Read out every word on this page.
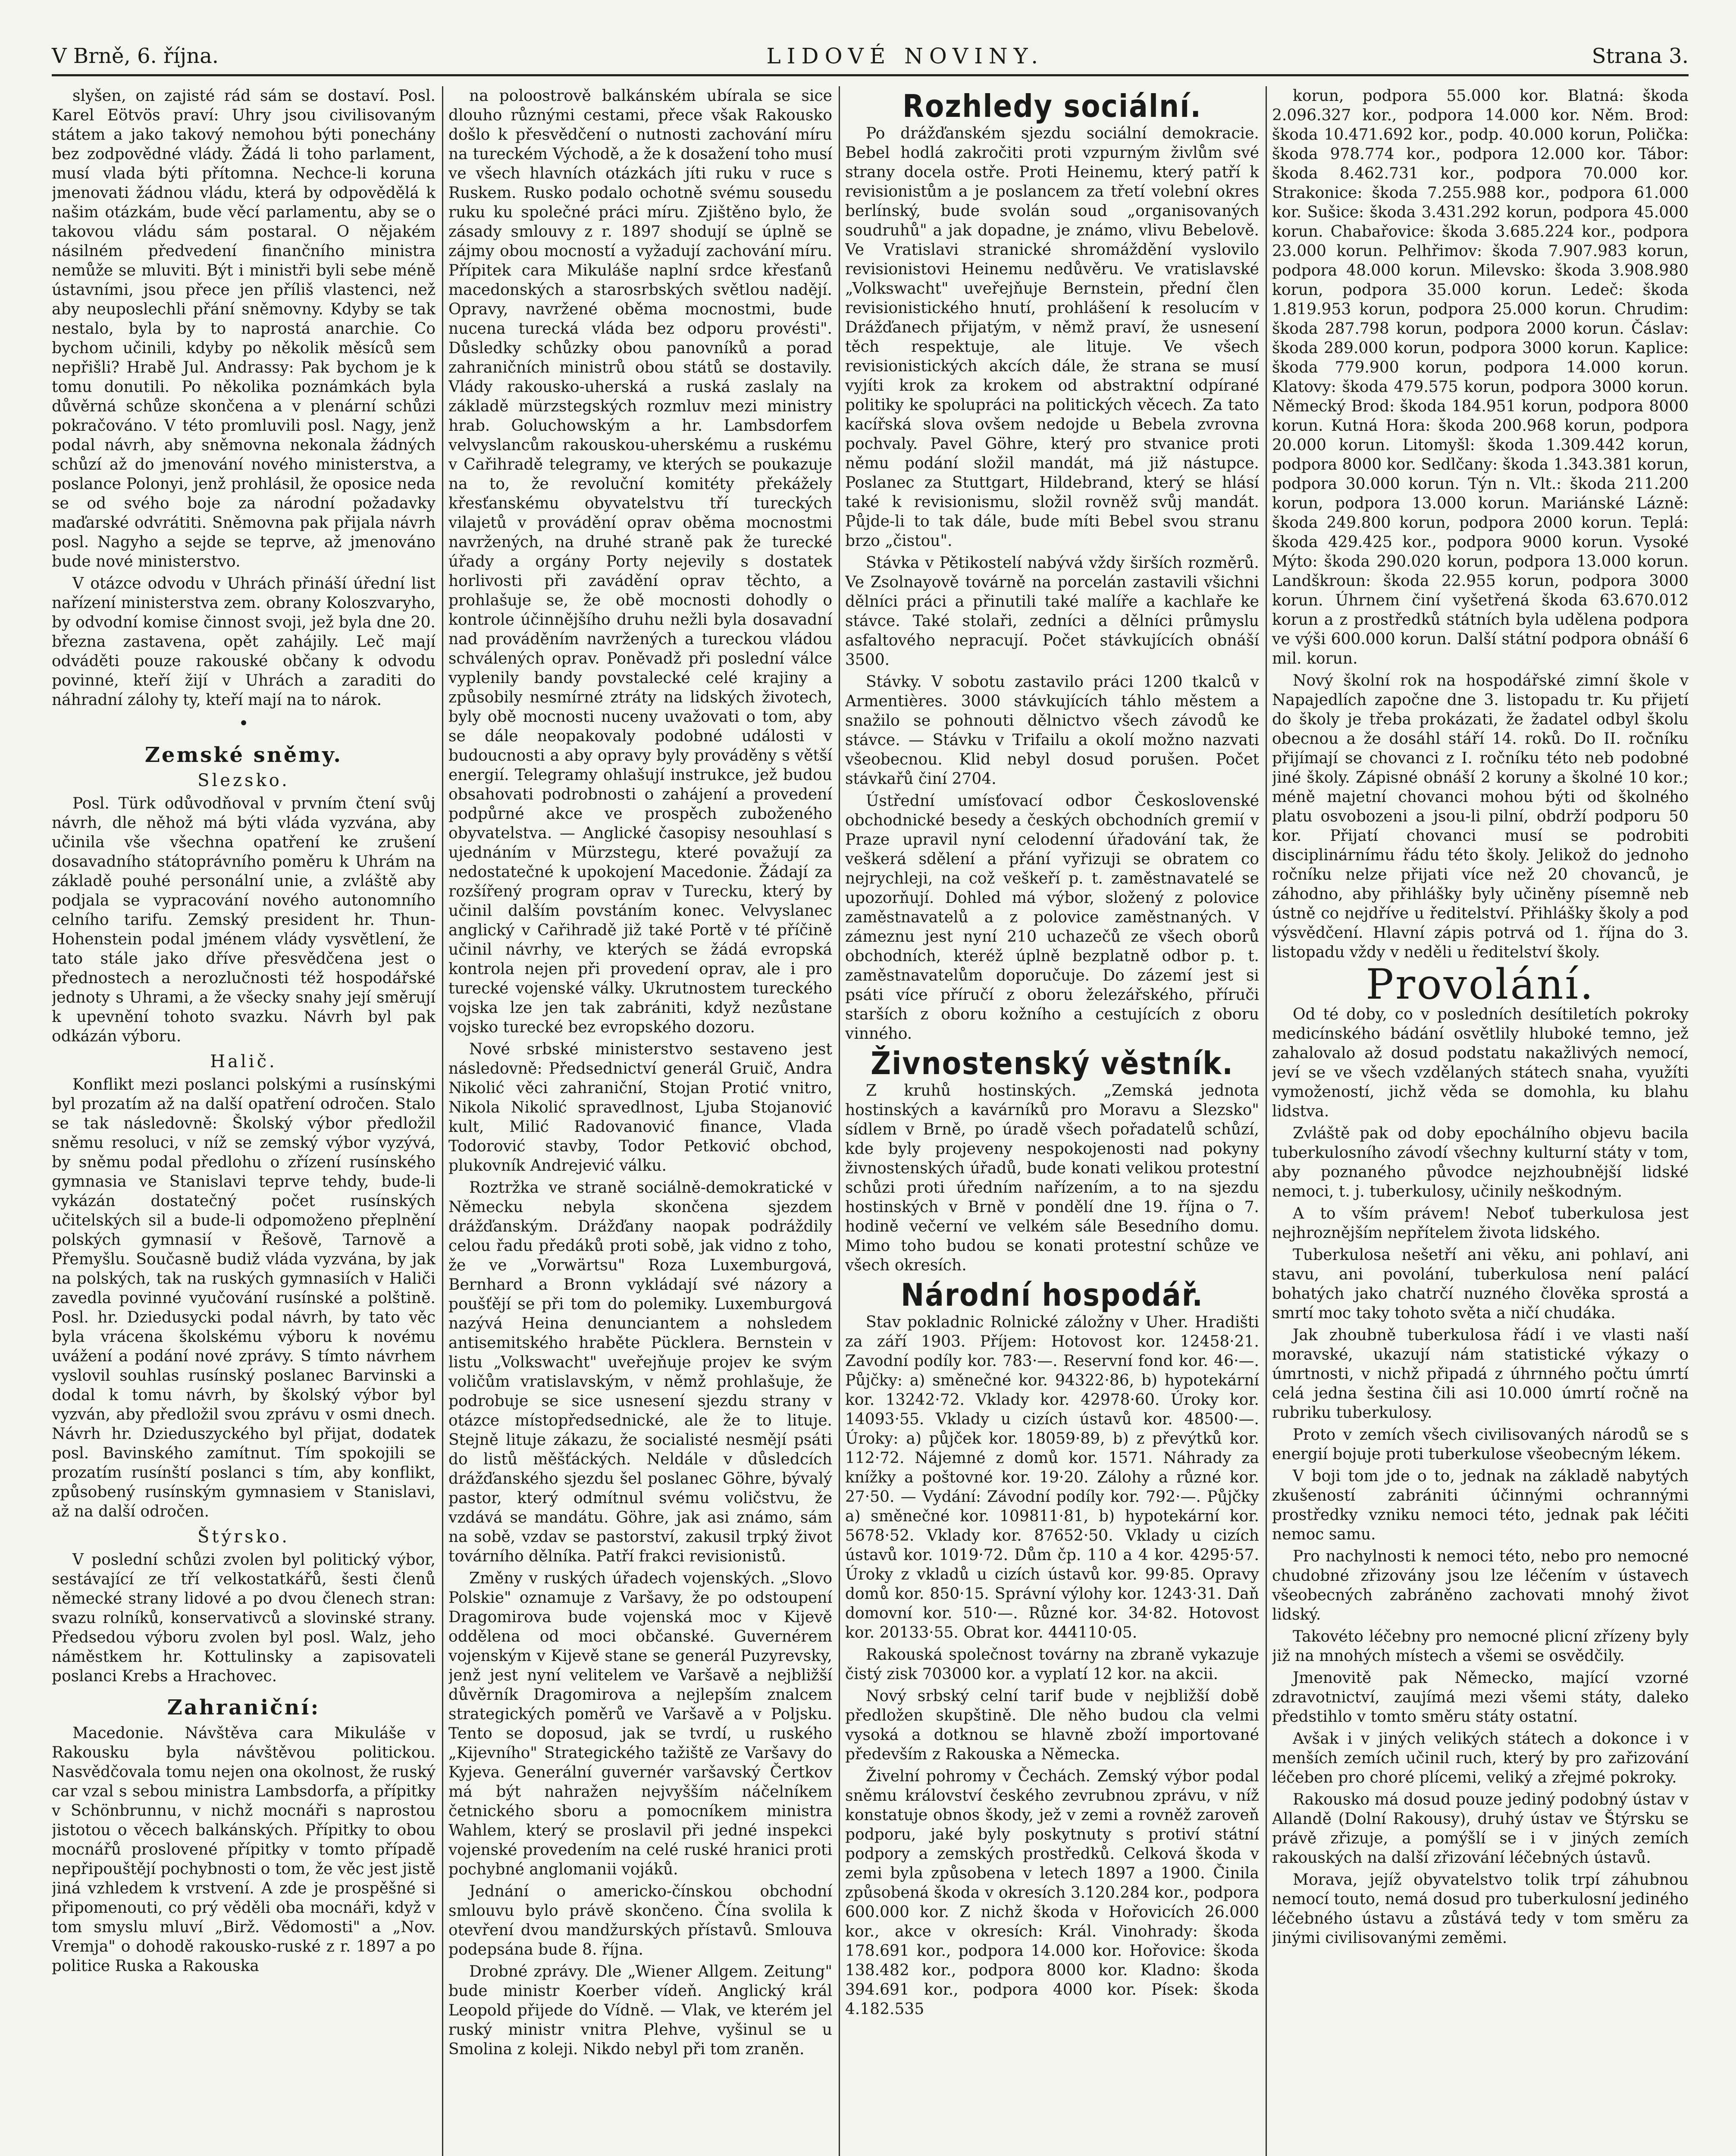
V Brně, 6. října.	LIDOVÉ NOVINY.	Strana 3.

slyšen, on zajisté rád sám se dostaví. Posl. Karel Eötvös praví: Uhry jsou civilisovaným státem a jako takový nemohou býti ponechány bez zodpovědné vlády. Žádá li toho parlament, musí vlada býti přítomna. Nechce-li koruna jmenovati žádnou vládu, která by odpovědělá k našim otázkám, bude věcí parlamentu, aby se o takovou vládu sám postaral. O nějakém násilném předvedení finančního ministra nemůže se mluviti. Být i ministři byli sebe méně ústavními, jsou přece jen příliš vlastenci, než aby neuposlechli přání sněmovny. Kdyby se tak nestalo, byla by to naprostá anarchie. Co bychom učinili, kdyby po několik měsíců sem nepřišli? Hrabě Jul. Andrassy: Pak bychom je k tomu donutili. Po několika poznámkách byla důvěrná schůze skončena a v plenární schůzi pokračováno. V této promluvili posl. Nagy, jenž podal návrh, aby sněmovna nekonala žádných schůzí až do jmenování nového ministerstva, a poslance Polonyi, jenž prohlásil, že oposice neda se od svého boje za národní požadavky maďarské odvrátiti. Sněmovna pak přijala návrh posl. Nagyho a sejde se teprve, až jmenováno bude nové ministerstvo.

V otázce odvodu v Uhrách přináší úřední list nařízení ministerstva zem. obrany Koloszvaryho, by odvodní komise činnost svoji, jež byla dne 20. března zastavena, opět zahájily. Leč mají odváděti pouze rakouské občany k odvodu povinné, kteří žijí v Uhrách a zaraditi do náhradní zálohy ty, kteří mají na to nárok.

•
Zemské sněmy.
Slezsko.

Posl. Türk odůvodňoval v prvním čtení svůj návrh, dle něhož má býti vláda vyzvána, aby učinila vše všechna opatření ke zrušení dosavadního státoprávního poměru k Uhrám na základě pouhé personální unie, a zvláště aby podjala se vypracování nového autonomního celního tarifu. Zemský president hr. Thun-Hohenstein podal jménem vlády vysvětlení, že tato stále jako dříve přesvědčena jest o přednostech a nerozlučnosti též hospodářské jednoty s Uhrami, a že všecky snahy její směrují k upevnění tohoto svazku. Návrh byl pak odkázán výboru.

Halič.

Konflikt mezi poslanci polskými a rusínskými byl prozatím až na další opatření odročen. Stalo se tak následovně: Školský výbor předložil sněmu resoluci, v níž se zemský výbor vyzývá, by sněmu podal předlohu o zřízení rusínského gymnasia ve Stanislavi teprve tehdy, bude-li vykázán dostatečný počet rusínských učitelských sil a bude-li odpomoženo přeplnění polských gymnasií v Řešově, Tarnově a Přemyšlu. Současně budiž vláda vyzvána, by jak na polských, tak na ruských gymnasiích v Haliči zavedla povinné vyučování rusínské a polštině. Posl. hr. Dziedusycki podal návrh, by tato věc byla vrácena školskému výboru k novému uvážení a podání nové zprávy. S tímto návrhem vyslovil souhlas rusínský poslanec Barvinski a dodal k tomu návrh, by školský výbor byl vyzván, aby předložil svou zprávu v osmi dnech. Návrh hr. Dzieduszyckého byl přijat, dodatek posl. Bavinského zamítnut. Tím spokojili se prozatím rusínští poslanci s tím, aby konflikt, způsobený rusínským gymnasiem v Stanislavi, až na další odročen.

Štýrsko.

V poslední schůzi zvolen byl politický výbor, sestávající ze tří velkostatkářů, šesti členů německé strany lidové a po dvou členech stran: svazu rolníků, konservativců a slovinské strany. Předsedou výboru zvolen byl posl. Walz, jeho náměstkem hr. Kottulinsky a zapisovateli poslanci Krebs a Hrachovec.

Zahraniční:

Macedonie. Návštěva cara Mikuláše v Rakousku byla návštěvou politickou. Nasvědčovala tomu nejen ona okolnost, že ruský car vzal s sebou ministra Lambsdorfa, a přípitky v Schönbrunnu, v nichž mocnáři s naprostou jistotou o věcech balkánských. Přípitky to obou mocnářů proslovené přípitky v tomto případě nepřipouštějí pochybnosti o tom, že věc jest jistě jiná vzhledem k vrstvení. A zde je prospěšné si připomenouti, co prý věděli oba mocnáři, když v tom smyslu mluví „Birž. Vědomosti" a „Nov. Vremja" o dohodě rakousko-ruské z r. 1897 a po politice Ruska a Rakouska

na poloostrově balkánském ubírala se sice dlouho různými cestami, přece však Rakousko došlo k přesvědčení o nutnosti zachování míru na tureckém Východě, a že k dosažení toho musí ve všech hlavních otázkách jíti ruku v ruce s Ruskem. Rusko podalo ochotně svému sousedu ruku ku společné práci míru. Zjištěno bylo, že zásady smlouvy z r. 1897 shodují se úplně se zájmy obou mocností a vyžadují zachování míru. Přípitek cara Mikuláše naplní srdce křesťanů macedonských a starosrbských světlou nadějí. Opravy, navržené oběma mocnostmi, bude nucena turecká vláda bez odporu provésti". Důsledky schůzky obou panovníků a porad zahraničních ministrů obou států se dostavily. Vlády rakousko-uherská a ruská zaslaly na základě mürzstegských rozmluv mezi ministry hrab. Goluchowským a hr. Lambsdorfem velvyslancům rakouskou-uherskému a ruskému v Cařihradě telegramy, ve kterých se poukazuje na to, že revoluční komitéty překážely křesťanskému obyvatelstvu tří tureckých vilajetů v provádění oprav oběma mocnostmi navržených, na druhé straně pak že turecké úřady a orgány Porty nejevily s dostatek horlivosti při zavádění oprav těchto, a prohlašuje se, že obě mocnosti dohodly o kontrole účinnějšího druhu nežli byla dosavadní nad prováděním navržených a tureckou vládou schválených oprav. Poněvadž při poslední válce vyplenily bandy povstalecké celé krajiny a způsobily nesmírné ztráty na lidských životech, byly obě mocnosti nuceny uvažovati o tom, aby se dále neopakovaly podobné události v budoucnosti a aby opravy byly prováděny s větší energií. Telegramy ohlašují instrukce, jež budou obsahovati podrobnosti o zahájení a provedení podpůrné akce ve prospěch zuboženého obyvatelstva. — Anglické časopisy nesouhlasí s ujednáním v Mürzstegu, které považují za nedostatečné k upokojení Macedonie. Žádají za rozšířený program oprav v Turecku, který by učinil dalším povstáním konec. Velvyslanec anglický v Cařihradě již také Portě v té příčině učinil návrhy, ve kterých se žádá evropská kontrola nejen při provedení oprav, ale i pro turecké vojenské války. Ukrutnostem tureckého vojska lze jen tak zabrániti, když nezůstane vojsko turecké bez evropského dozoru.

Nové srbské ministerstvo sestaveno jest následovně: Předsednictví generál Gruič, Andra Nikolić věci zahraniční, Stojan Protić vnitro, Nikola Nikolić spravedlnost, Ljuba Stojanović kult, Milić Radovanović finance, Vlada Todorović stavby, Todor Petković obchod, plukovník Andrejević válku.

Roztržka ve straně sociálně-demokratické v Německu nebyla skončena sjezdem drážďanským. Drážďany naopak podráždily celou řadu předáků proti sobě, jak vidno z toho, že ve „Vorwärtsu" Roza Luxemburgová, Bernhard a Bronn vykládají své názory a poušťějí se při tom do polemiky. Luxemburgová nazývá Heina denunciantem a nohsledem antisemitského hraběte Pücklera. Bernstein v listu „Volkswacht" uveřejňuje projev ke svým voličům vratislavským, v němž prohlašuje, že podrobuje se sice usnesení sjezdu strany v otázce místopředsednické, ale že to lituje. Stejně lituje zákazu, že socialisté nesmějí psáti do listů měšťáckých. Neldále v důsledcích drážďanského sjezdu šel poslanec Göhre, bývalý pastor, který odmítnul svému voličstvu, že vzdává se mandátu. Göhre, jak asi známo, sám na sobě, vzdav se pastorství, zakusil trpký život továrního dělníka. Patří frakci revisionistů.

Změny v ruských úřadech vojenských. „Slovo Polskie" oznamuje z Varšavy, že po odstoupení Dragomirova bude vojenská moc v Kijevě oddělena od moci občanské. Guvernérem vojenským v Kijevě stane se generál Puzyrevsky, jenž jest nyní velitelem ve Varšavě a nejbližší důvěrník Dragomirova a nejlepším znalcem strategických poměrů ve Varšavě a v Poljsku. Tento se doposud, jak se tvrdí, u ruského „Kijevního" Strategického tažiště ze Varšavy do Kyjeva. Generální guvernér varšavský Čertkov má být nahražen nejvyšším náčelníkem četnického sboru a pomocníkem ministra Wahlem, který se proslavil při jedné inspekci vojenské provedením na celé ruské hranici proti pochybné anglomanii vojáků.

Jednání o americko-čínskou obchodní smlouvu bylo právě skončeno. Čína svolila k otevření dvou mandžurských přístavů. Smlouva podepsána bude 8. října.

Drobné zprávy. Dle „Wiener Allgem. Zeitung" bude ministr Koerber vídeň. Anglický král Leopold přijede do Vídně. — Vlak, ve kterém jel ruský ministr vnitra Plehve, vyšinul se u Smolina z koleji. Nikdo nebyl při tom zraněn.

Rozhledy sociální.

Po drážďanském sjezdu sociální demokracie. Bebel hodlá zakročiti proti vzpurným živlům své strany docela ostře. Proti Heinemu, který patří k revisionistům a je poslancem za třetí volební okres berlínský, bude svolán soud „organisovaných soudruhů" a jak dopadne, je známo, vlivu Bebelově. Ve Vratislavi stranické shromáždění vyslovilo revisionistovi Heinemu nedůvěru. Ve vratislavské „Volkswacht" uveřejňuje Bernstein, přední člen revisionistického hnutí, prohlášení k resolucím v Drážďanech přijatým, v němž praví, že usnesení těch respektuje, ale lituje. Ve všech revisionistických akcích dále, že strana se musí vyjíti krok za krokem od abstraktní odpírané politiky ke spolupráci na politických věcech. Za tato kacířská slova ovšem nedojde u Bebela zvrovna pochvaly. Pavel Göhre, který pro stvanice proti němu podání složil mandát, má již nástupce. Poslanec za Stuttgart, Hildebrand, který se hlásí také k revisionismu, složil rovněž svůj mandát. Půjde-li to tak dále, bude míti Bebel svou stranu brzo „čistou".

Stávka v Pětikostelí nabývá vždy širších rozměrů. Ve Zsolnayově továrně na porcelán zastavili všichni dělníci práci a přinutili také malíře a kachlaře ke stávce. Také stolaři, zedníci a dělníci průmyslu asfaltového nepracují. Počet stávkujících obnáší 3500.

Stávky. V sobotu zastavilo práci 1200 tkalců v Armentières. 3000 stávkujících táhlo městem a snažilo se pohnouti dělnictvo všech závodů ke stávce. — Stávku v Trifailu a okolí možno nazvati všeobecnou. Klid nebyl dosud porušen. Počet stávkařů činí 2704.

Ústřední umísťovací odbor Československé obchodnické besedy a českých obchodních gremií v Praze upravil nyní celodenní úřadování tak, že veškerá sdělení a přání vyřizuji se obratem co nejrychleji, na což veškeří p. t. zaměstnavatelé se upozorňují. Dohled má výbor, složený z polovice zaměstnavatelů a z polovice zaměstnaných. V zámeznu jest nyní 210 uchazečů ze všech oborů obchodních, kteréž úplně bezplatně odbor p. t. zaměstnavatelům doporučuje. Do zázemí jest si psáti více příručí z oboru železářského, příruči starších z oboru kožního a cestujících z oboru vinného.

Živnostenský věstník.

Z kruhů hostinských. „Zemská jednota hostinských a kavárníků pro Moravu a Slezsko" sídlem v Brně, po úradě všech pořadatelů schůzí, kde byly projeveny nespokojenosti nad pokyny živnostenských úřadů, bude konati velikou protestní schůzi proti úředním nařízením, a to na sjezdu hostinských v Brně v pondělí dne 19. října o 7. hodině večerní ve velkém sále Besedního domu. Mimo toho budou se konati protestní schůze ve všech okresích.

Národní hospodář.

Stav pokladnic Rolnické záložny v Uher. Hradišti za září 1903. Příjem: Hotovost kor. 12458·21. Zavodní podíly kor. 783·—. Reservní fond kor. 46·—. Půjčky: a) směnečné kor. 94322·86, b) hypotekární kor. 13242·72. Vklady kor. 42978·60. Úroky kor. 14093·55. Vklady u cizích ústavů kor. 48500·—. Úroky: a) půjček kor. 18059·89, b) z převýtků kor. 112·72. Nájemné z domů kor. 1571. Náhrady za knížky a poštovné kor. 19·20. Zálohy a různé kor. 27·50. — Vydání: Závodní podíly kor. 792·—. Půjčky a) směnečné kor. 109811·81, b) hypotekární kor. 5678·52. Vklady kor. 87652·50. Vklady u cizích ústavů kor. 1019·72. Dům čp. 110 a 4 kor. 4295·57. Úroky z vkladů u cizích ústavů kor. 99·85. Opravy domů kor. 850·15. Správní výlohy kor. 1243·31. Daň domovní kor. 510·—. Různé kor. 34·82. Hotovost kor. 20133·55. Obrat kor. 444110·05.

Rakouská společnost továrny na zbraně vykazuje čistý zisk 703000 kor. a vyplatí 12 kor. na akcii.

Nový srbský celní tarif bude v nejbližší době předložen skupštině. Dle něho budou cla velmi vysoká a dotknou se hlavně zboží importované především z Rakouska a Německa.

Živelní pohromy v Čechách. Zemský výbor podal sněmu království českého zevrubnou zprávu, v níž konstatuje obnos škody, jež v zemi a rovněž zaroveň podporu, jaké byly poskytnuty s protiví státní podpory a zemských prostředků. Celková škoda v zemi byla způsobena v letech 1897 a 1900. Činila způsobená škoda v okresích 3.120.284 kor., podpora 600.000 kor. Z nichž škoda v Hořovicích 26.000 kor., akce v okresích: Král. Vinohrady: škoda 178.691 kor., podpora 14.000 kor. Hořovice: škoda 138.482 kor., podpora 8000 kor. Kladno: škoda 394.691 kor., podpora 4000 kor. Písek: škoda 4.182.535

korun, podpora 55.000 kor. Blatná: škoda 2.096.327 kor., podpora 14.000 kor. Něm. Brod: škoda 10.471.692 kor., podp. 40.000 korun, Polička: škoda 978.774 kor., podpora 12.000 kor. Tábor: škoda 8.462.731 kor., podpora 70.000 kor. Strakonice: škoda 7.255.988 kor., podpora 61.000 kor. Sušice: škoda 3.431.292 korun, podpora 45.000 korun. Chabařovice: škoda 3.685.224 kor., podpora 23.000 korun. Pelhřimov: škoda 7.907.983 korun, podpora 48.000 korun. Milevsko: škoda 3.908.980 korun, podpora 35.000 korun. Ledeč: škoda 1.819.953 korun, podpora 25.000 korun. Chrudim: škoda 287.798 korun, podpora 2000 korun. Čáslav: škoda 289.000 korun, podpora 3000 korun. Kaplice: škoda 779.900 korun, podpora 14.000 korun. Klatovy: škoda 479.575 korun, podpora 3000 korun. Německý Brod: škoda 184.951 korun, podpora 8000 korun. Kutná Hora: škoda 200.968 korun, podpora 20.000 korun. Litomyšl: škoda 1.309.442 korun, podpora 8000 kor. Sedlčany: škoda 1.343.381 korun, podpora 30.000 korun. Týn n. Vlt.: škoda 211.200 korun, podpora 13.000 korun. Mariánské Lázně: škoda 249.800 korun, podpora 2000 korun. Teplá: škoda 429.425 kor., podpora 9000 korun. Vysoké Mýto: škoda 290.020 korun, podpora 13.000 korun. Landškroun: škoda 22.955 korun, podpora 3000 korun. Úhrnem činí vyšetřená škoda 63.670.012 korun a z prostředků státních byla udělena podpora ve výši 600.000 korun. Další státní podpora obnáší 6 mil. korun.

Nový školní rok na hospodářské zimní škole v Napajedlích započne dne 3. listopadu tr. Ku přijetí do školy je třeba prokázati, že žadatel odbyl školu obecnou a že dosáhl stáří 14. roků. Do II. ročníku přijímají se chovanci z I. ročníku této neb podobné jiné školy. Zápisné obnáší 2 koruny a školné 10 kor.; méně majetní chovanci mohou býti od školného platu osvobozeni a jsou-li pilní, obdrží podporu 50 kor. Přijatí chovanci musí se podrobiti disciplinárnímu řádu této školy. Jelikož do jednoho ročníku nelze přijati více než 20 chovanců, je záhodno, aby přihlášky byly učiněny písemně neb ústně co nejdříve u ředitelství. Přihlášky školy a pod výsvědčení. Hlavní zápis potrvá od 1. října do 3. listopadu vždy v neděli u ředitelství školy.

Provolání.

Od té doby, co v posledních desítiletích pokroky medicínského bádání osvětlily hluboké temno, jež zahalovalo až dosud podstatu nakažlivých nemocí, jeví se ve všech vzdělaných státech snaha, využíti vymožeností, jichž věda se domohla, ku blahu lidstva.

Zvláště pak od doby epochálního objevu bacila tuberkulosního závodí všechny kulturní státy v tom, aby poznaného původce nejzhoubnější lidské nemoci, t. j. tuberkulosy, učinily neškodným.

A to vším právem! Neboť tuberkulosa jest nejhroznějším nepřítelem života lidského.

Tuberkulosa nešetří ani věku, ani pohlaví, ani stavu, ani povolání, tuberkulosa není palácí bohatých jako chatrčí nuzného člověka sprostá a smrtí moc taky tohoto světa a ničí chudáka.

Jak zhoubně tuberkulosa řádí i ve vlasti naší moravské, ukazují nám statistické výkazy o úmrtnosti, v nichž připadá z úhrnného počtu úmrtí celá jedna šestina čili asi 10.000 úmrtí ročně na rubriku tuberkulosy.

Proto v zemích všech civilisovaných národů se s energií bojuje proti tuberkulose všeobecným lékem.

V boji tom jde o to, jednak na základě nabytých zkušeností zabrániti účinnými ochrannými prostředky vzniku nemoci této, jednak pak léčiti nemoc samu.

Pro nachylnosti k nemoci této, nebo pro nemocné chudobné zřizovány jsou lze léčením v ústavech všeobecných zabráněno zachovati mnohý život lidský.

Takovéto léčebny pro nemocné plicní zřízeny byly již na mnohých místech a všemi se osvědčily.

Jmenovitě pak Německo, mající vzorné zdravotnictví, zaujímá mezi všemi státy, daleko předstihlo v tomto směru státy ostatní.

Avšak i v jiných velikých státech a dokonce i v menších zemích učinil ruch, který by pro zařizování léčeben pro choré plícemi, veliký a zřejmé pokroky.

Rakousko má dosud pouze jediný podobný ústav v Allandě (Dolní Rakousy), druhý ústav ve Štýrsku se právě zřizuje, a pomýšlí se i v jiných zemích rakouských na další zřizování léčebných ústavů.

Morava, jejíž obyvatelstvo tolik trpí záhubnou nemocí touto, nemá dosud pro tuberkulosní jediného léčebného ústavu a zůstává tedy v tom směru za jinými civilisovanými zeměmi.
